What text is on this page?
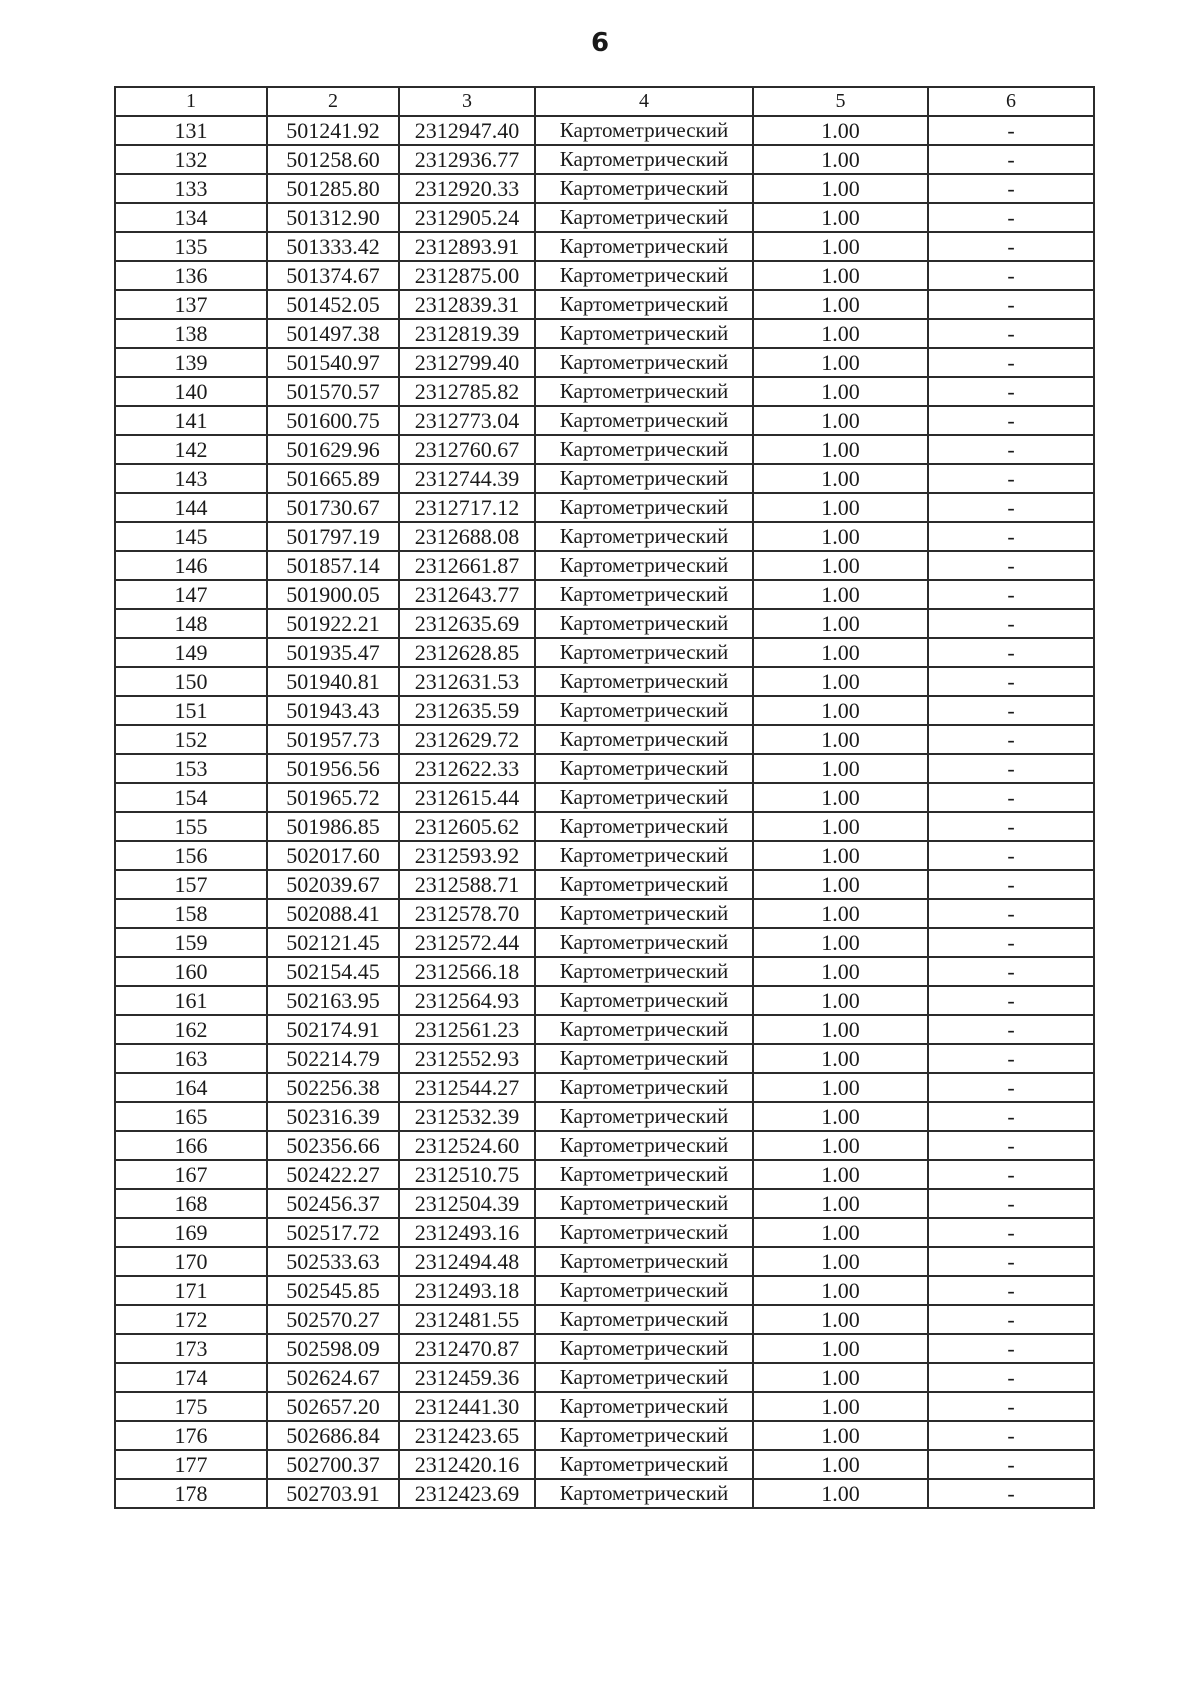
6
1	2	3	4	5	6
131	501241.92	2312947.40	Картометрический	1.00	-
132	501258.60	2312936.77	Картометрический	1.00	-
133	501285.80	2312920.33	Картометрический	1.00	-
134	501312.90	2312905.24	Картометрический	1.00	-
135	501333.42	2312893.91	Картометрический	1.00	-
136	501374.67	2312875.00	Картометрический	1.00	-
137	501452.05	2312839.31	Картометрический	1.00	-
138	501497.38	2312819.39	Картометрический	1.00	-
139	501540.97	2312799.40	Картометрический	1.00	-
140	501570.57	2312785.82	Картометрический	1.00	-
141	501600.75	2312773.04	Картометрический	1.00	-
142	501629.96	2312760.67	Картометрический	1.00	-
143	501665.89	2312744.39	Картометрический	1.00	-
144	501730.67	2312717.12	Картометрический	1.00	-
145	501797.19	2312688.08	Картометрический	1.00	-
146	501857.14	2312661.87	Картометрический	1.00	-
147	501900.05	2312643.77	Картометрический	1.00	-
148	501922.21	2312635.69	Картометрический	1.00	-
149	501935.47	2312628.85	Картометрический	1.00	-
150	501940.81	2312631.53	Картометрический	1.00	-
151	501943.43	2312635.59	Картометрический	1.00	-
152	501957.73	2312629.72	Картометрический	1.00	-
153	501956.56	2312622.33	Картометрический	1.00	-
154	501965.72	2312615.44	Картометрический	1.00	-
155	501986.85	2312605.62	Картометрический	1.00	-
156	502017.60	2312593.92	Картометрический	1.00	-
157	502039.67	2312588.71	Картометрический	1.00	-
158	502088.41	2312578.70	Картометрический	1.00	-
159	502121.45	2312572.44	Картометрический	1.00	-
160	502154.45	2312566.18	Картометрический	1.00	-
161	502163.95	2312564.93	Картометрический	1.00	-
162	502174.91	2312561.23	Картометрический	1.00	-
163	502214.79	2312552.93	Картометрический	1.00	-
164	502256.38	2312544.27	Картометрический	1.00	-
165	502316.39	2312532.39	Картометрический	1.00	-
166	502356.66	2312524.60	Картометрический	1.00	-
167	502422.27	2312510.75	Картометрический	1.00	-
168	502456.37	2312504.39	Картометрический	1.00	-
169	502517.72	2312493.16	Картометрический	1.00	-
170	502533.63	2312494.48	Картометрический	1.00	-
171	502545.85	2312493.18	Картометрический	1.00	-
172	502570.27	2312481.55	Картометрический	1.00	-
173	502598.09	2312470.87	Картометрический	1.00	-
174	502624.67	2312459.36	Картометрический	1.00	-
175	502657.20	2312441.30	Картометрический	1.00	-
176	502686.84	2312423.65	Картометрический	1.00	-
177	502700.37	2312420.16	Картометрический	1.00	-
178	502703.91	2312423.69	Картометрический	1.00	-
